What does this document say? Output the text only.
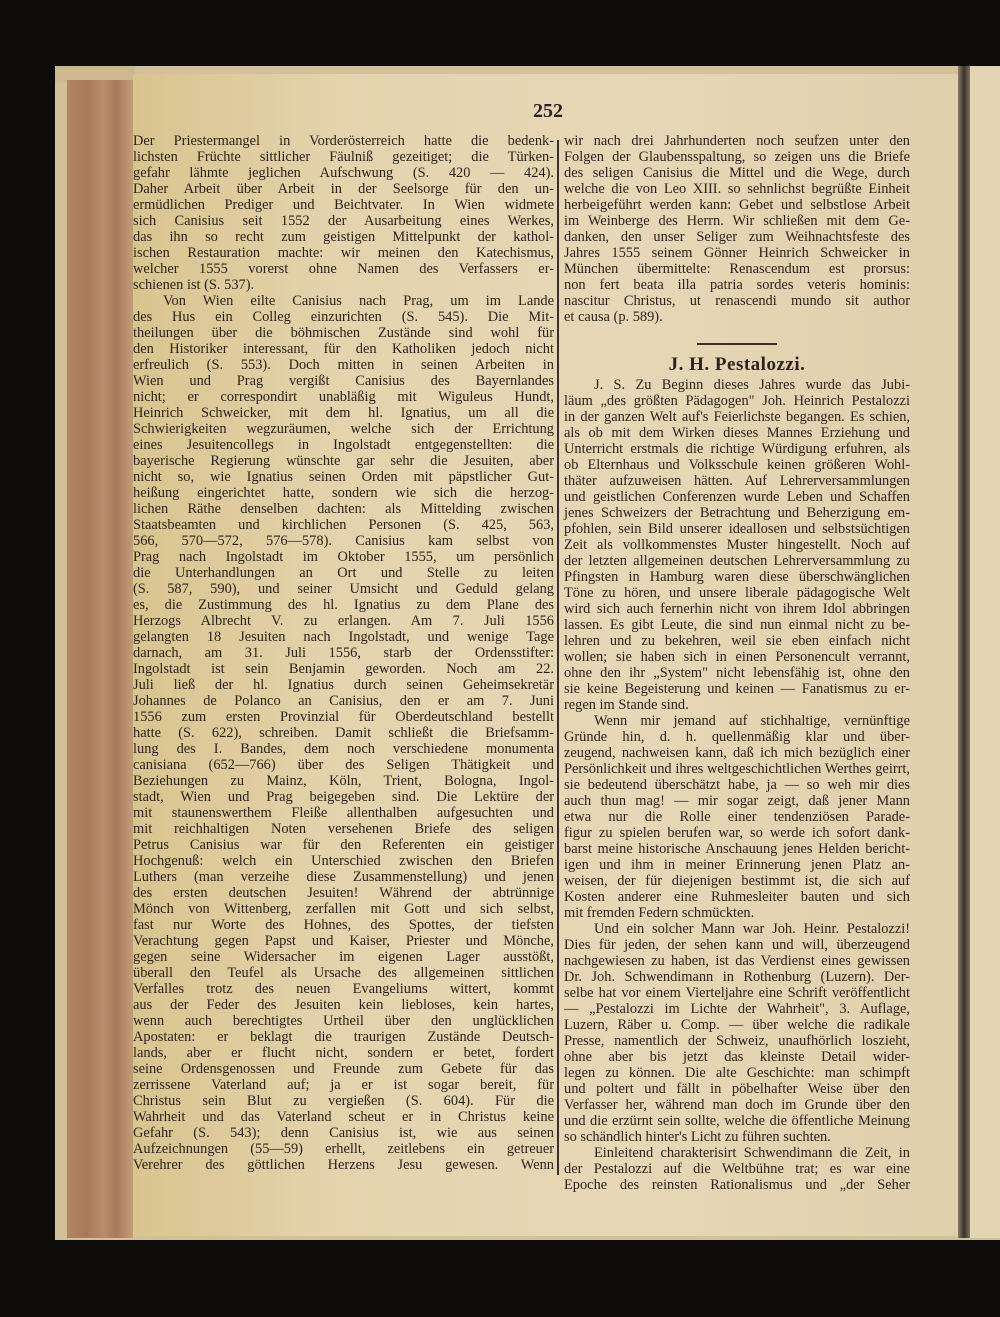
252
Der Priestermangel in Vorderösterreich hatte die bedenk-
lichsten Früchte sittlicher Fäulniß gezeitiget; die Türken-
gefahr lähmte jeglichen Aufschwung (S. 420 — 424).
Daher Arbeit über Arbeit in der Seelsorge für den un-
ermüdlichen Prediger und Beichtvater. In Wien widmete
sich Canisius seit 1552 der Ausarbeitung eines Werkes,
das ihn so recht zum geistigen Mittelpunkt der kathol-
ischen Restauration machte: wir meinen den Katechismus,
welcher 1555 vorerst ohne Namen des Verfassers er-
schienen ist (S. 537).
Von Wien eilte Canisius nach Prag, um im Lande
des Hus ein Colleg einzurichten (S. 545). Die Mit-
theilungen über die böhmischen Zustände sind wohl für
den Historiker interessant, für den Katholiken jedoch nicht
erfreulich (S. 553). Doch mitten in seinen Arbeiten in
Wien und Prag vergißt Canisius des Bayernlandes
nicht; er correspondirt unabläßig mit Wiguleus Hundt,
Heinrich Schweicker, mit dem hl. Ignatius, um all die
Schwierigkeiten wegzuräumen, welche sich der Errichtung
eines Jesuitencollegs in Ingolstadt entgegenstellten: die
bayerische Regierung wünschte gar sehr die Jesuiten, aber
nicht so, wie Ignatius seinen Orden mit päpstlicher Gut-
heißung eingerichtet hatte, sondern wie sich die herzog-
lichen Räthe denselben dachten: als Mittelding zwischen
Staatsbeamten und kirchlichen Personen (S. 425, 563,
566, 570—572, 576—578). Canisius kam selbst von
Prag nach Ingolstadt im Oktober 1555, um persönlich
die Unterhandlungen an Ort und Stelle zu leiten
(S. 587, 590), und seiner Umsicht und Geduld gelang
es, die Zustimmung des hl. Ignatius zu dem Plane des
Herzogs Albrecht V. zu erlangen. Am 7. Juli 1556
gelangten 18 Jesuiten nach Ingolstadt, und wenige Tage
darnach, am 31. Juli 1556, starb der Ordensstifter:
Ingolstadt ist sein Benjamin geworden. Noch am 22.
Juli ließ der hl. Ignatius durch seinen Geheimsekretär
Johannes de Polanco an Canisius, den er am 7. Juni
1556 zum ersten Provinzial für Oberdeutschland bestellt
hatte (S. 622), schreiben. Damit schließt die Briefsamm-
lung des I. Bandes, dem noch verschiedene monumenta
canisiana (652—766) über des Seligen Thätigkeit und
Beziehungen zu Mainz, Köln, Trient, Bologna, Ingol-
stadt, Wien und Prag beigegeben sind. Die Lektüre der
mit staunenswerthem Fleiße allenthalben aufgesuchten und
mit reichhaltigen Noten versehenen Briefe des seligen
Petrus Canisius war für den Referenten ein geistiger
Hochgenuß: welch ein Unterschied zwischen den Briefen
Luthers (man verzeihe diese Zusammenstellung) und jenen
des ersten deutschen Jesuiten! Während der abtrünnige
Mönch von Wittenberg, zerfallen mit Gott und sich selbst,
fast nur Worte des Hohnes, des Spottes, der tiefsten
Verachtung gegen Papst und Kaiser, Priester und Mönche,
gegen seine Widersacher im eigenen Lager ausstößt,
überall den Teufel als Ursache des allgemeinen sittlichen
Verfalles trotz des neuen Evangeliums wittert, kommt
aus der Feder des Jesuiten kein liebloses, kein hartes,
wenn auch berechtigtes Urtheil über den unglücklichen
Apostaten: er beklagt die traurigen Zustände Deutsch-
lands, aber er flucht nicht, sondern er betet, fordert
seine Ordensgenossen und Freunde zum Gebete für das
zerrissene Vaterland auf; ja er ist sogar bereit, für
Christus sein Blut zu vergießen (S. 604). Für die
Wahrheit und das Vaterland scheut er in Christus keine
Gefahr (S. 543); denn Canisius ist, wie aus seinen
Aufzeichnungen (55—59) erhellt, zeitlebens ein getreuer
Verehrer des göttlichen Herzens Jesu gewesen. Wenn
wir nach drei Jahrhunderten noch seufzen unter den
Folgen der Glaubensspaltung, so zeigen uns die Briefe
des seligen Canisius die Mittel und die Wege, durch
welche die von Leo XIII. so sehnlichst begrüßte Einheit
herbeigeführt werden kann: Gebet und selbstlose Arbeit
im Weinberge des Herrn. Wir schließen mit dem Ge-
danken, den unser Seliger zum Weihnachtsfeste des
Jahres 1555 seinem Gönner Heinrich Schweicker in
München übermittelte: Renascendum est prorsus:
non fert beata illa patria sordes veteris hominis:
nascitur Christus, ut renascendi mundo sit author
et causa (p. 589).
J. H. Pestalozzi.
J. S. Zu Beginn dieses Jahres wurde das Jubi-
läum „des größten Pädagogen" Joh. Heinrich Pestalozzi
in der ganzen Welt auf's Feierlichste begangen. Es schien,
als ob mit dem Wirken dieses Mannes Erziehung und
Unterricht erstmals die richtige Würdigung erfuhren, als
ob Elternhaus und Volksschule keinen größeren Wohl-
thäter aufzuweisen hätten. Auf Lehrerversammlungen
und geistlichen Conferenzen wurde Leben und Schaffen
jenes Schweizers der Betrachtung und Beherzigung em-
pfohlen, sein Bild unserer ideallosen und selbstsüchtigen
Zeit als vollkommenstes Muster hingestellt. Noch auf
der letzten allgemeinen deutschen Lehrerversammlung zu
Pfingsten in Hamburg waren diese überschwänglichen
Töne zu hören, und unsere liberale pädagogische Welt
wird sich auch fernerhin nicht von ihrem Idol abbringen
lassen. Es gibt Leute, die sind nun einmal nicht zu be-
lehren und zu bekehren, weil sie eben einfach nicht
wollen; sie haben sich in einen Personencult verrannt,
ohne den ihr „System" nicht lebensfähig ist, ohne den
sie keine Begeisterung und keinen — Fanatismus zu er-
regen im Stande sind.
Wenn mir jemand auf stichhaltige, vernünftige
Gründe hin, d. h. quellenmäßig klar und über-
zeugend, nachweisen kann, daß ich mich bezüglich einer
Persönlichkeit und ihres weltgeschichtlichen Werthes geirrt,
sie bedeutend überschätzt habe, ja — so weh mir dies
auch thun mag! — mir sogar zeigt, daß jener Mann
etwa nur die Rolle einer tendenziösen Parade-
figur zu spielen berufen war, so werde ich sofort dank-
barst meine historische Anschauung jenes Helden bericht-
igen und ihm in meiner Erinnerung jenen Platz an-
weisen, der für diejenigen bestimmt ist, die sich auf
Kosten anderer eine Ruhmesleiter bauten und sich
mit fremden Federn schmückten.
Und ein solcher Mann war Joh. Heinr. Pestalozzi!
Dies für jeden, der sehen kann und will, überzeugend
nachgewiesen zu haben, ist das Verdienst eines gewissen
Dr. Joh. Schwendimann in Rothenburg (Luzern). Der-
selbe hat vor einem Vierteljahre eine Schrift veröffentlicht
— „Pestalozzi im Lichte der Wahrheit", 3. Auflage,
Luzern, Räber u. Comp. — über welche die radikale
Presse, namentlich der Schweiz, unaufhörlich loszieht,
ohne aber bis jetzt das kleinste Detail wider-
legen zu können. Die alte Geschichte: man schimpft
und poltert und fällt in pöbelhafter Weise über den
Verfasser her, während man doch im Grunde über den
und die erzürnt sein sollte, welche die öffentliche Meinung
so schändlich hinter's Licht zu führen suchten.
Einleitend charakterisirt Schwendimann die Zeit, in
der Pestalozzi auf die Weltbühne trat; es war eine
Epoche des reinsten Rationalismus und „der Seher
